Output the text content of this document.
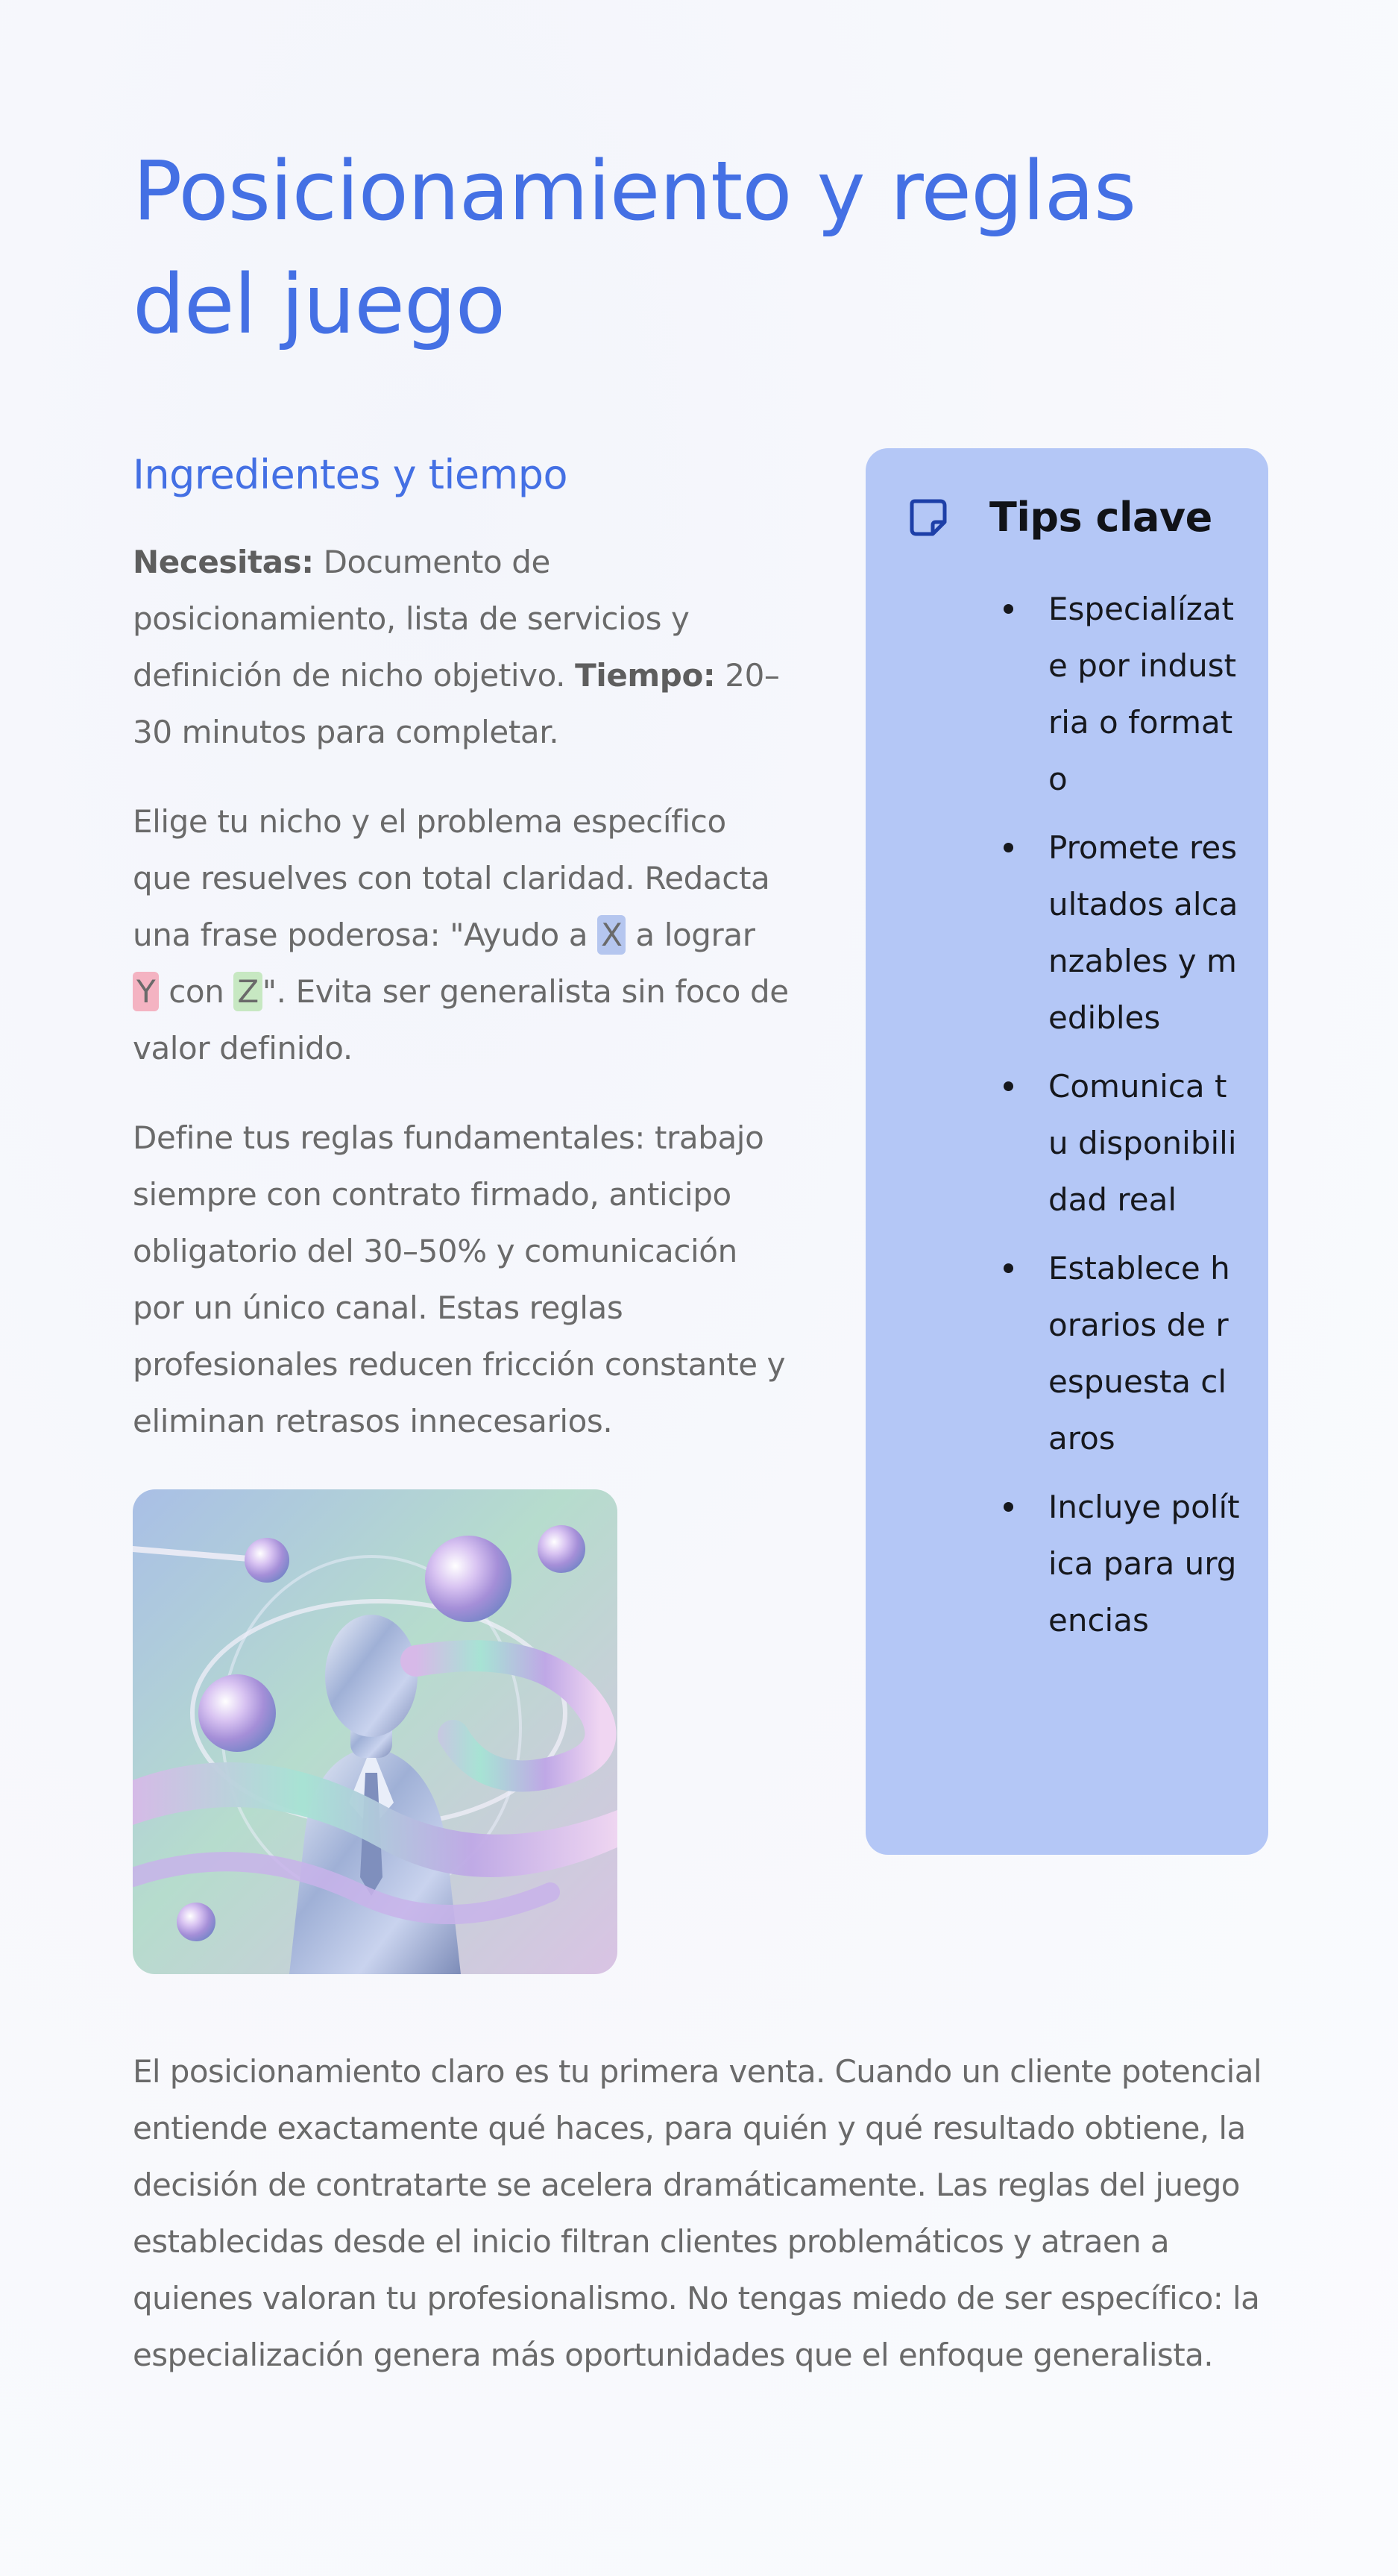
Posicionamiento y reglas del juego
Ingredientes y tiempo

Necesitas: Documento de posicionamiento, lista de servicios y definición de nicho objetivo. Tiempo: 20–30 minutos para completar.

Elige tu nicho y el problema específico que resuelves con total claridad. Redacta una frase poderosa: "Ayudo a X a lograr Y con Z ". Evita ser generalista sin foco de valor definido.

Define tus reglas fundamentales: trabajo siempre con contrato firmado, anticipo obligatorio del 30–50% y comunicación por un único canal. Estas reglas profesionales reducen fricción constante y eliminan retrasos innecesarios.

Tips clave
Especialízate por industria o formato
Promete resultados alcanzables y medibles
Comunica tu disponibilidad real
Establece horarios de respuesta claros
Incluye política para urgencias

El posicionamiento claro es tu primera venta. Cuando un cliente potencial entiende exactamente qué haces, para quién y qué resultado obtiene, la decisión de contratarte se acelera dramáticamente. Las reglas del juego establecidas desde el inicio filtran clientes problemáticos y atraen a quienes valoran tu profesionalismo. No tengas miedo de ser específico: la especialización genera más oportunidades que el enfoque generalista.
